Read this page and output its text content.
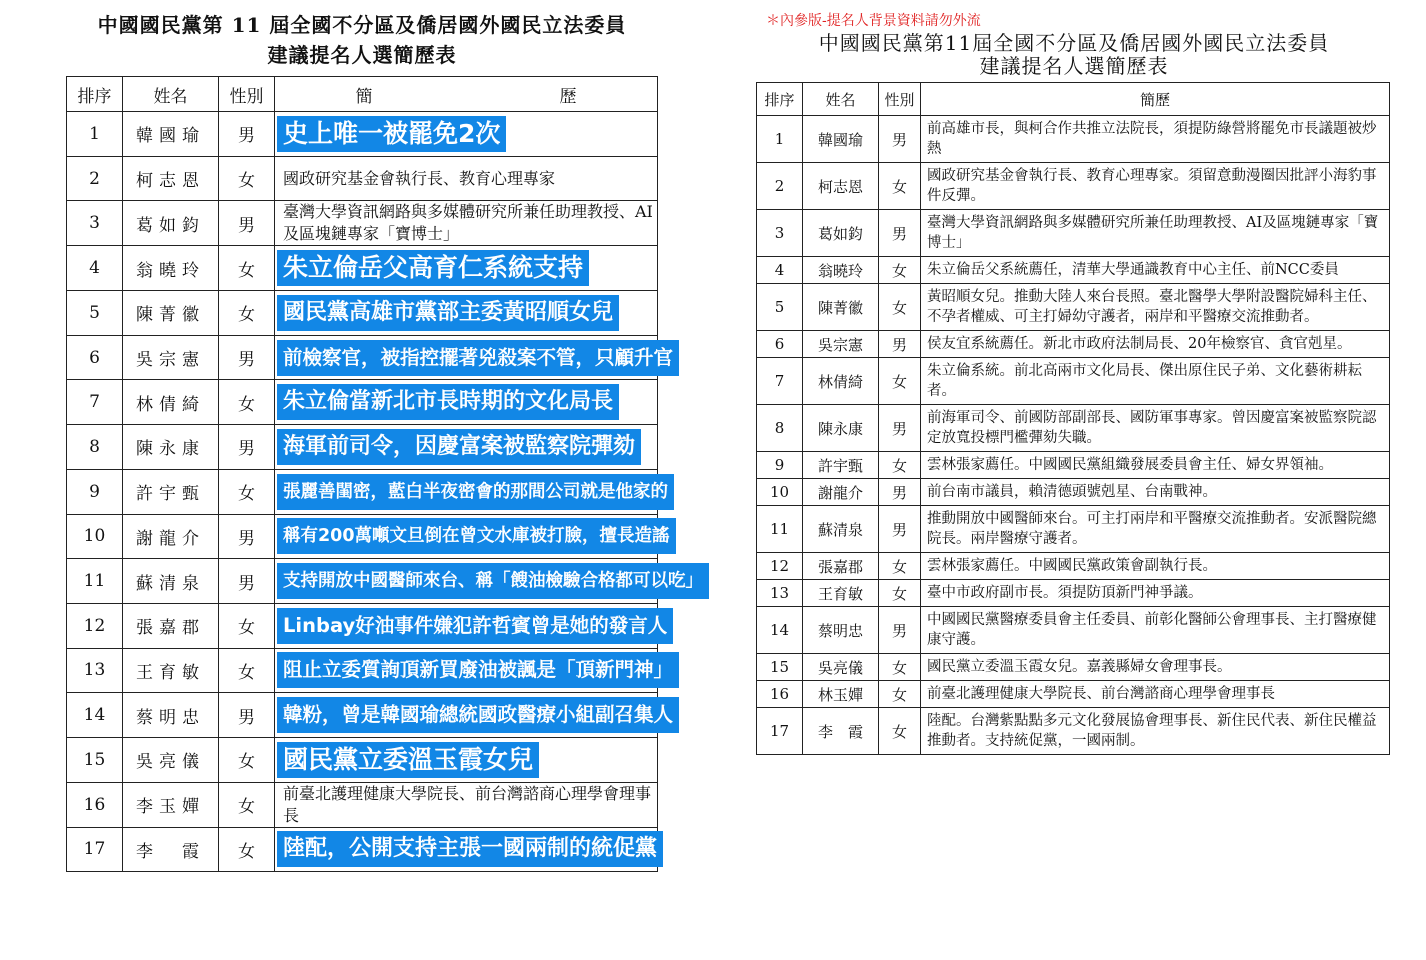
中國國民黨第 11 屆全國不分區及僑居國外國民立法委員
建議提名人選簡歷表
排序	姓名	性別	簡　　　　　　　　　　　歷
1	韓國瑜	男	史上唯一被罷免2次

2	柯志恩	女	國政研究基金會執行長、教育心理專家
3	葛如鈞	男	臺灣大學資訊網路與多媒體研究所兼任助理教授、AI 及區塊鏈專家「寶博士」
4	翁曉玲	女	朱立倫岳父高育仁系統支持

5	陳菁徽	女	國民黨高雄市黨部主委黃昭順女兒

6	吳宗憲	男	前檢察官，被指控擺著兇殺案不管，只顧升官

7	林倩綺	女	朱立倫當新北市長時期的文化局長

8	陳永康	男	海軍前司令，因慶富案被監察院彈劾

9	許宇甄	女	張麗善閨密，藍白半夜密會的那間公司就是他家的

10	謝龍介	男	稱有200萬噸文旦倒在曾文水庫被打臉，擅長造謠

11	蘇清泉	男	支持開放中國醫師來台、稱「餿油檢驗合格都可以吃」

12	張嘉郡	女	Linbay好油事件嫌犯許哲賓曾是她的發言人

13	王育敏	女	阻止立委質詢頂新買廢油被諷是「頂新門神」

14	蔡明忠	男	韓粉，曾是韓國瑜總統國政醫療小組副召集人

15	吳亮儀	女	國民黨立委溫玉霞女兒

16	李玉嬋	女	前臺北護理健康大學院長、前台灣諮商心理學會理事長
17	李　霞	女	陸配，公開支持主張一國兩制的統促黨
＊內參版-提名人背景資料請勿外流
中國國民黨第11屆全國不分區及僑居國外國民立法委員
建議提名人選簡歷表
排序	姓名	性別	簡歷
1	韓國瑜	男	前高雄市長，與柯合作共推立法院長，須提防綠營將罷免市長議題被炒熱
2	柯志恩	女	國政研究基金會執行長、教育心理專家。須留意動漫圈因批評小海豹事件反彈。
3	葛如鈞	男	臺灣大學資訊網路與多媒體研究所兼任助理教授、AI及區塊鏈專家「寶博士」
4	翁曉玲	女	朱立倫岳父系統薦任，清華大學通識教育中心主任、前NCC委員
5	陳菁徽	女	黃昭順女兒。推動大陸人來台長照。臺北醫學大學附設醫院婦科主任、不孕者權威、可主打婦幼守護者，兩岸和平醫療交流推動者。
6	吳宗憲	男	侯友宜系統薦任。新北市政府法制局長、20年檢察官、貪官剋星。
7	林倩綺	女	朱立倫系統。前北高兩市文化局長、傑出原住民子弟、文化藝術耕耘者。
8	陳永康	男	前海軍司令、前國防部副部長、國防軍事專家。曾因慶富案被監察院認定放寬投標門檻彈劾失職。
9	許宇甄	女	雲林張家薦任。中國國民黨組織發展委員會主任、婦女界領袖。
10	謝龍介	男	前台南市議員，賴清德頭號剋星、台南戰神。
11	蘇清泉	男	推動開放中國醫師來台。可主打兩岸和平醫療交流推動者。安派醫院總院長。兩岸醫療守護者。
12	張嘉郡	女	雲林張家薦任。中國國民黨政策會副執行長。
13	王育敏	女	臺中市政府副市長。須提防頂新門神爭議。
14	蔡明忠	男	中國國民黨醫療委員會主任委員、前彰化醫師公會理事長、主打醫療健康守護。
15	吳亮儀	女	國民黨立委溫玉霞女兒。嘉義縣婦女會理事長。
16	林玉嬋	女	前臺北護理健康大學院長、前台灣諮商心理學會理事長
17	李　霞	女	陸配。台灣紫點點多元文化發展協會理事長、新住民代表、新住民權益推動者。支持統促黨，一國兩制。
